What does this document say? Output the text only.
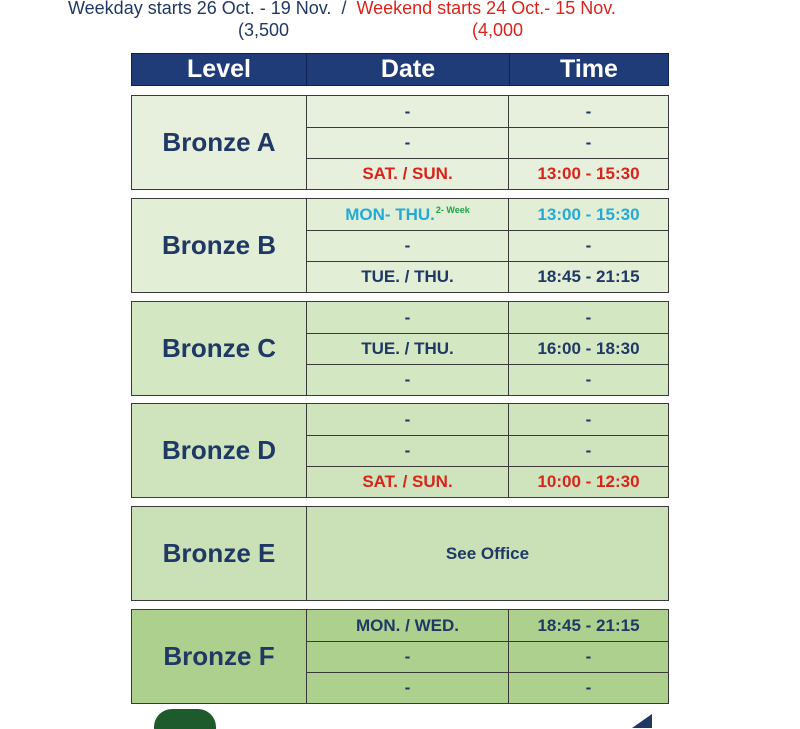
Weekday starts 26 Oct. - 19 Nov. / Weekend starts 24 Oct.- 15 Nov.
(3,500	(4,000
Level	Date	Time
Bronze A
-	-
-	-
SAT. / SUN.	13:00 - 15:30
Bronze B
MON- THU. 2- Week	13:00 - 15:30
-	-
TUE. / THU.	18:45 - 21:15
Bronze C
-	-
TUE. / THU.	16:00 - 18:30
-	-
Bronze D
-	-
-	-
SAT. / SUN.	10:00 - 12:30
Bronze E	See Office
Bronze F
MON. / WED.	18:45 - 21:15
-	-
-	-
